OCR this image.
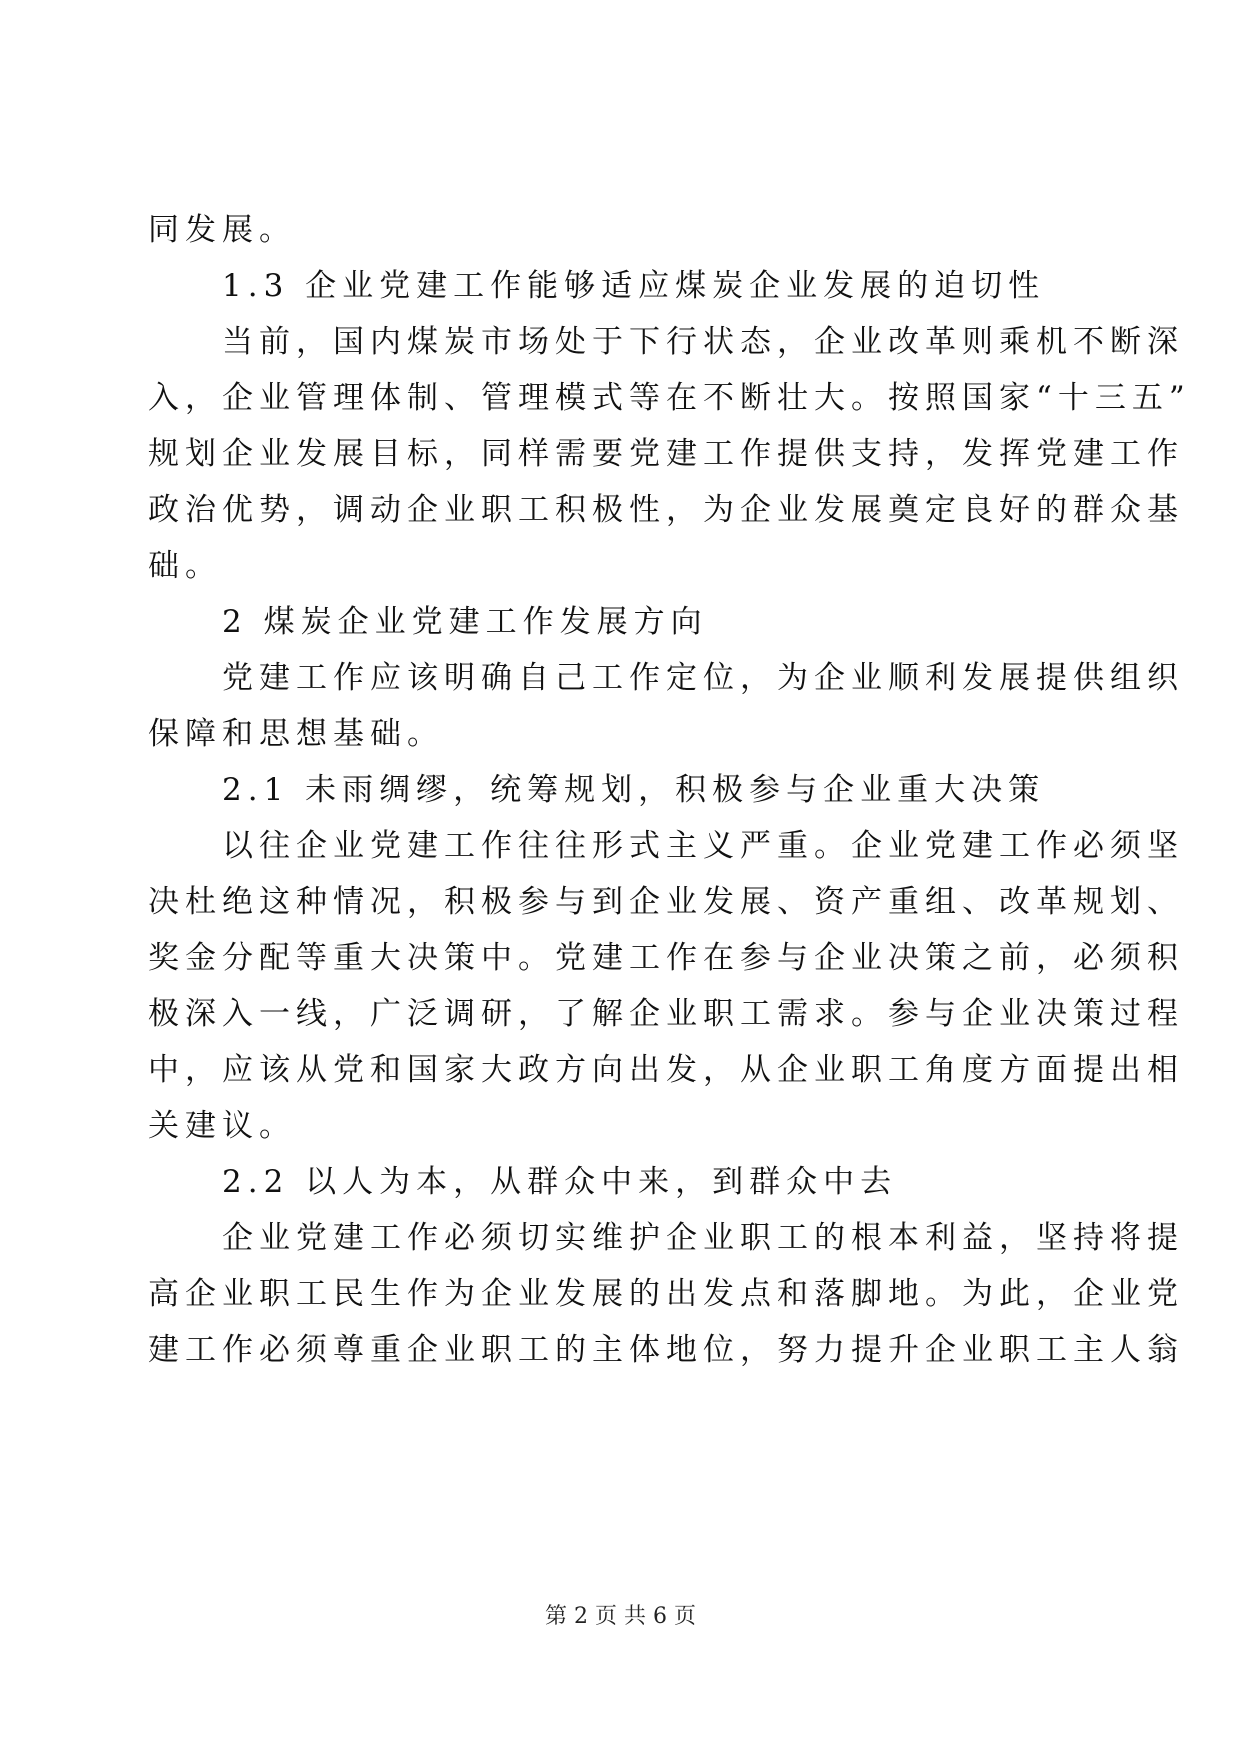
同发展。
　　1.3 企业党建工作能够适应煤炭企业发展的迫切性
　　当前，国内煤炭市场处于下行状态，企业改革则乘机不断深
入，企业管理体制、管理模式等在不断壮大。按照国家“十三五”
规划企业发展目标，同样需要党建工作提供支持，发挥党建工作
政治优势，调动企业职工积极性，为企业发展奠定良好的群众基
础。
　　2 煤炭企业党建工作发展方向
　　党建工作应该明确自己工作定位，为企业顺利发展提供组织
保障和思想基础。
　　2.1 未雨绸缪，统筹规划，积极参与企业重大决策
　　以往企业党建工作往往形式主义严重。企业党建工作必须坚
决杜绝这种情况，积极参与到企业发展、资产重组、改革规划、
奖金分配等重大决策中。党建工作在参与企业决策之前，必须积
极深入一线，广泛调研，了解企业职工需求。参与企业决策过程
中，应该从党和国家大政方向出发，从企业职工角度方面提出相
关建议。
　　2.2 以人为本，从群众中来，到群众中去
　　企业党建工作必须切实维护企业职工的根本利益，坚持将提
高企业职工民生作为企业发展的出发点和落脚地。为此，企业党
建工作必须尊重企业职工的主体地位，努力提升企业职工主人翁
第 2 页 共 6 页
